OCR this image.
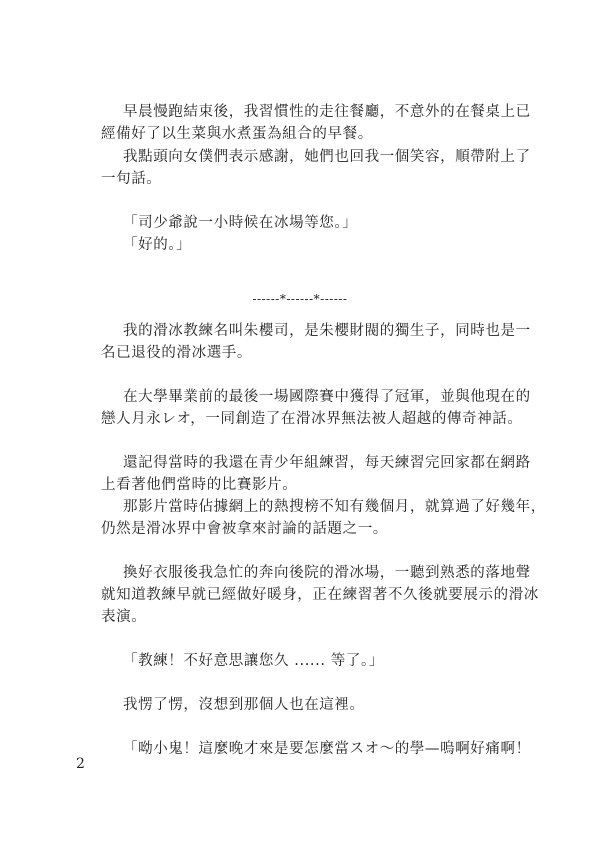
早晨慢跑結束後，我習慣性的走往餐廳，不意外的在餐桌上已

經備好了以生菜與水煮蛋為組合的早餐。

我點頭向女僕們表示感謝，她們也回我一個笑容，順帶附上了

一句話。

「司少爺說一小時候在冰場等您。」

「好的。」

------*------*------

我的滑冰教練名叫朱櫻司，是朱櫻財閥的獨生子，同時也是一

名已退役的滑冰選手。

在大學畢業前的最後一場國際賽中獲得了冠軍，並與他現在的

戀人月永レオ，一同創造了在滑冰界無法被人超越的傳奇神話。

還記得當時的我還在青少年組練習，每天練習完回家都在網路

上看著他們當時的比賽影片。

那影片當時佔據網上的熱搜榜不知有幾個月，就算過了好幾年，

仍然是滑冰界中會被拿來討論的話題之一。

換好衣服後我急忙的奔向後院的滑冰場，一聽到熟悉的落地聲

就知道教練早就已經做好暖身，正在練習著不久後就要展示的滑冰

表演。

「教練！不好意思讓您久 ...... 等了。」

我愣了愣，沒想到那個人也在這裡。

「呦小鬼！這麼晚才來是要怎麼當スオ～的學—嗚啊好痛啊！

2
